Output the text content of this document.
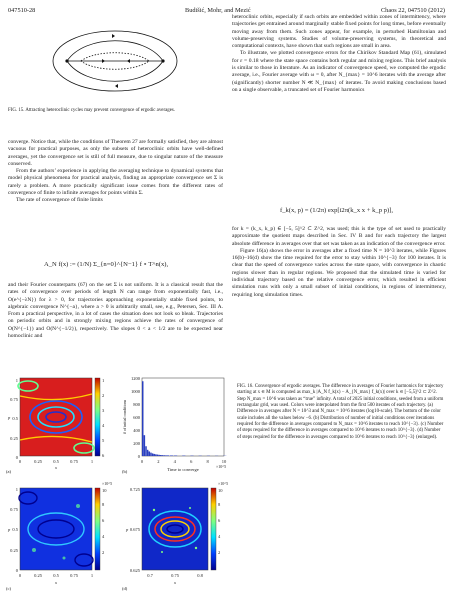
047510-28	Budišić, Mohr, and Mezić	Chaos 22, 047510 (2012)
FIG. 15. Attracting heteroclinic cycles may prevent convergence of ergodic averages.

converge. Notice that, while the conditions of Theorem 27 are formally satisfied, they are almost vacuous for practical purposes, as only the subsets of heteroclinic orbits have well-defined averages, yet the convergence set is still of full measure, due to singular nature of the measure conserved.

From the authors’ experience in applying the averaging technique to dynamical systems that model physical phenomena for practical analysis, finding an appropriate convergence set Σ is rarely a problem. A more practically significant issue comes from the different rates of convergence of finite to infinite averages for points within Σ.

The rate of convergence of finite limits

A_N f(x) := (1/N) Σ_{n=0}^{N−1} f ∘ T^n(x),

and their Fourier counterparts (67) on the set Σ is not uniform. It is a classical result that the rates of convergence over periods of length N can range from exponentially fast, i.e., O(e^{−λN}) for λ > 0, for trajectories approaching exponentially stable fixed points, to algebraic convergence N^{−a}, where a > 0 is arbitrarily small, see, e.g., Petersen, Sec. III A. From a practical perspective, in a lot of cases the situation does not look so bleak. Trajectories on periodic orbits and in strongly mixing regions achieve the rates of convergence of O(N^{−1}) and O(N^{−1/2}), respectively. The slopes 0 < a < 1/2 are to be expected near homoclinic and

heteroclinic orbits, especially if such orbits are embedded within zones of intermittency, where trajectories get entrained around marginally stable fixed points for long times, before eventually moving away from them. Such zones appear, for example, in perturbed Hamiltonian and volume-preserving systems. Studies of volume-preserving systems, in theoretical and computational contexts, have shown that such regions are small in area.

To illustrate, we plotted convergence errors for the Chirikov Standard Map (61), simulated for ε = 0.18 where the state space contains both regular and mixing regions. This brief analysis is similar to those in literature. As an indicator of convergence speed, we computed the ergodic average, i.e., Fourier average with ω = 0, after N_{max} = 10^6 iterates with the average after (significantly) shorter number N ≪ N_{max} of iterates. To avoid making conclusions based on a single observable, a truncated set of Fourier harmonics

f_k(x, p) = (1/2π) exp[i2π(k_x x + k_p p)],

for k = (k_x, k_p) ∈ [−5, 5]^2 ⊂ Z^2, was used; this is the type of set used to practically approximate the quotient maps described in Sec. IV B and for each trajectory the largest absolute difference in averages over that set was taken as an indication of the convergence error.

Figure 16(a) shows the error in averages after a fixed time N = 10^3 iterates, while Figures 16(b)–16(d) show the time required for the error to stay within 10^{−3} for 100 iterates. It is clear that the speed of convergence varies across the state space, with convergence in chaotic regions slower than in regular regions. We proposed that the simulated time is varied for individual trajectory based on the relative convergence error, which resulted in efficient simulation runs with only a small subset of initial conditions, in regions of intermittency, requiring long simulation times.

1
2
3
4
5
6
0
0.25
0.5
0.75
1
0	0.25	0.5	0.75	1
x
p
(a)
0
200
400
600
800
1000
1200
0	2	4	6	8	10
×10^5
Time to converge
# of initial conditions
(b)
×10^5
2
4
6
8
10
0
0.25
0.5
0.75
1
0	0.25	0.5	0.75	1
x
p
(c)
×10^5
2
4
6
8
10
0.625
0.675
0.725
0.7	0.75	0.8
x
p
(d)
FIG. 16. Convergence of ergodic averages. The difference in averages of Fourier harmonics for trajectory starting at x ∈ M is computed as max_k |A_N f_k(x) − A_{N_max} f_k(x)| over k ∈ [−5,5]^2 ⊂ Z^2. Step N_max = 10^6 was taken as “true” infinity. A total of 2025 initial conditions, seeded from a uniform rectangular grid, was used. Colors were interpolated from the first 500 iterates of each trajectory. (a) Difference in averages after N = 10^3 and N_max = 10^6 iterates (log10-scale). The bottom of the color scale includes all the values below −6. (b) Distribution of number of initial conditions over iterations required for the difference in averages compared to N_max = 10^6 iterates to reach 10^{−3}. (c) Number of steps required for the difference in averages compared to 10^6 iterates to reach 10^{−3}. (d) Number of steps required for the difference in averages compared to 10^6 iterates to reach 10^{−3} (enlarged).
